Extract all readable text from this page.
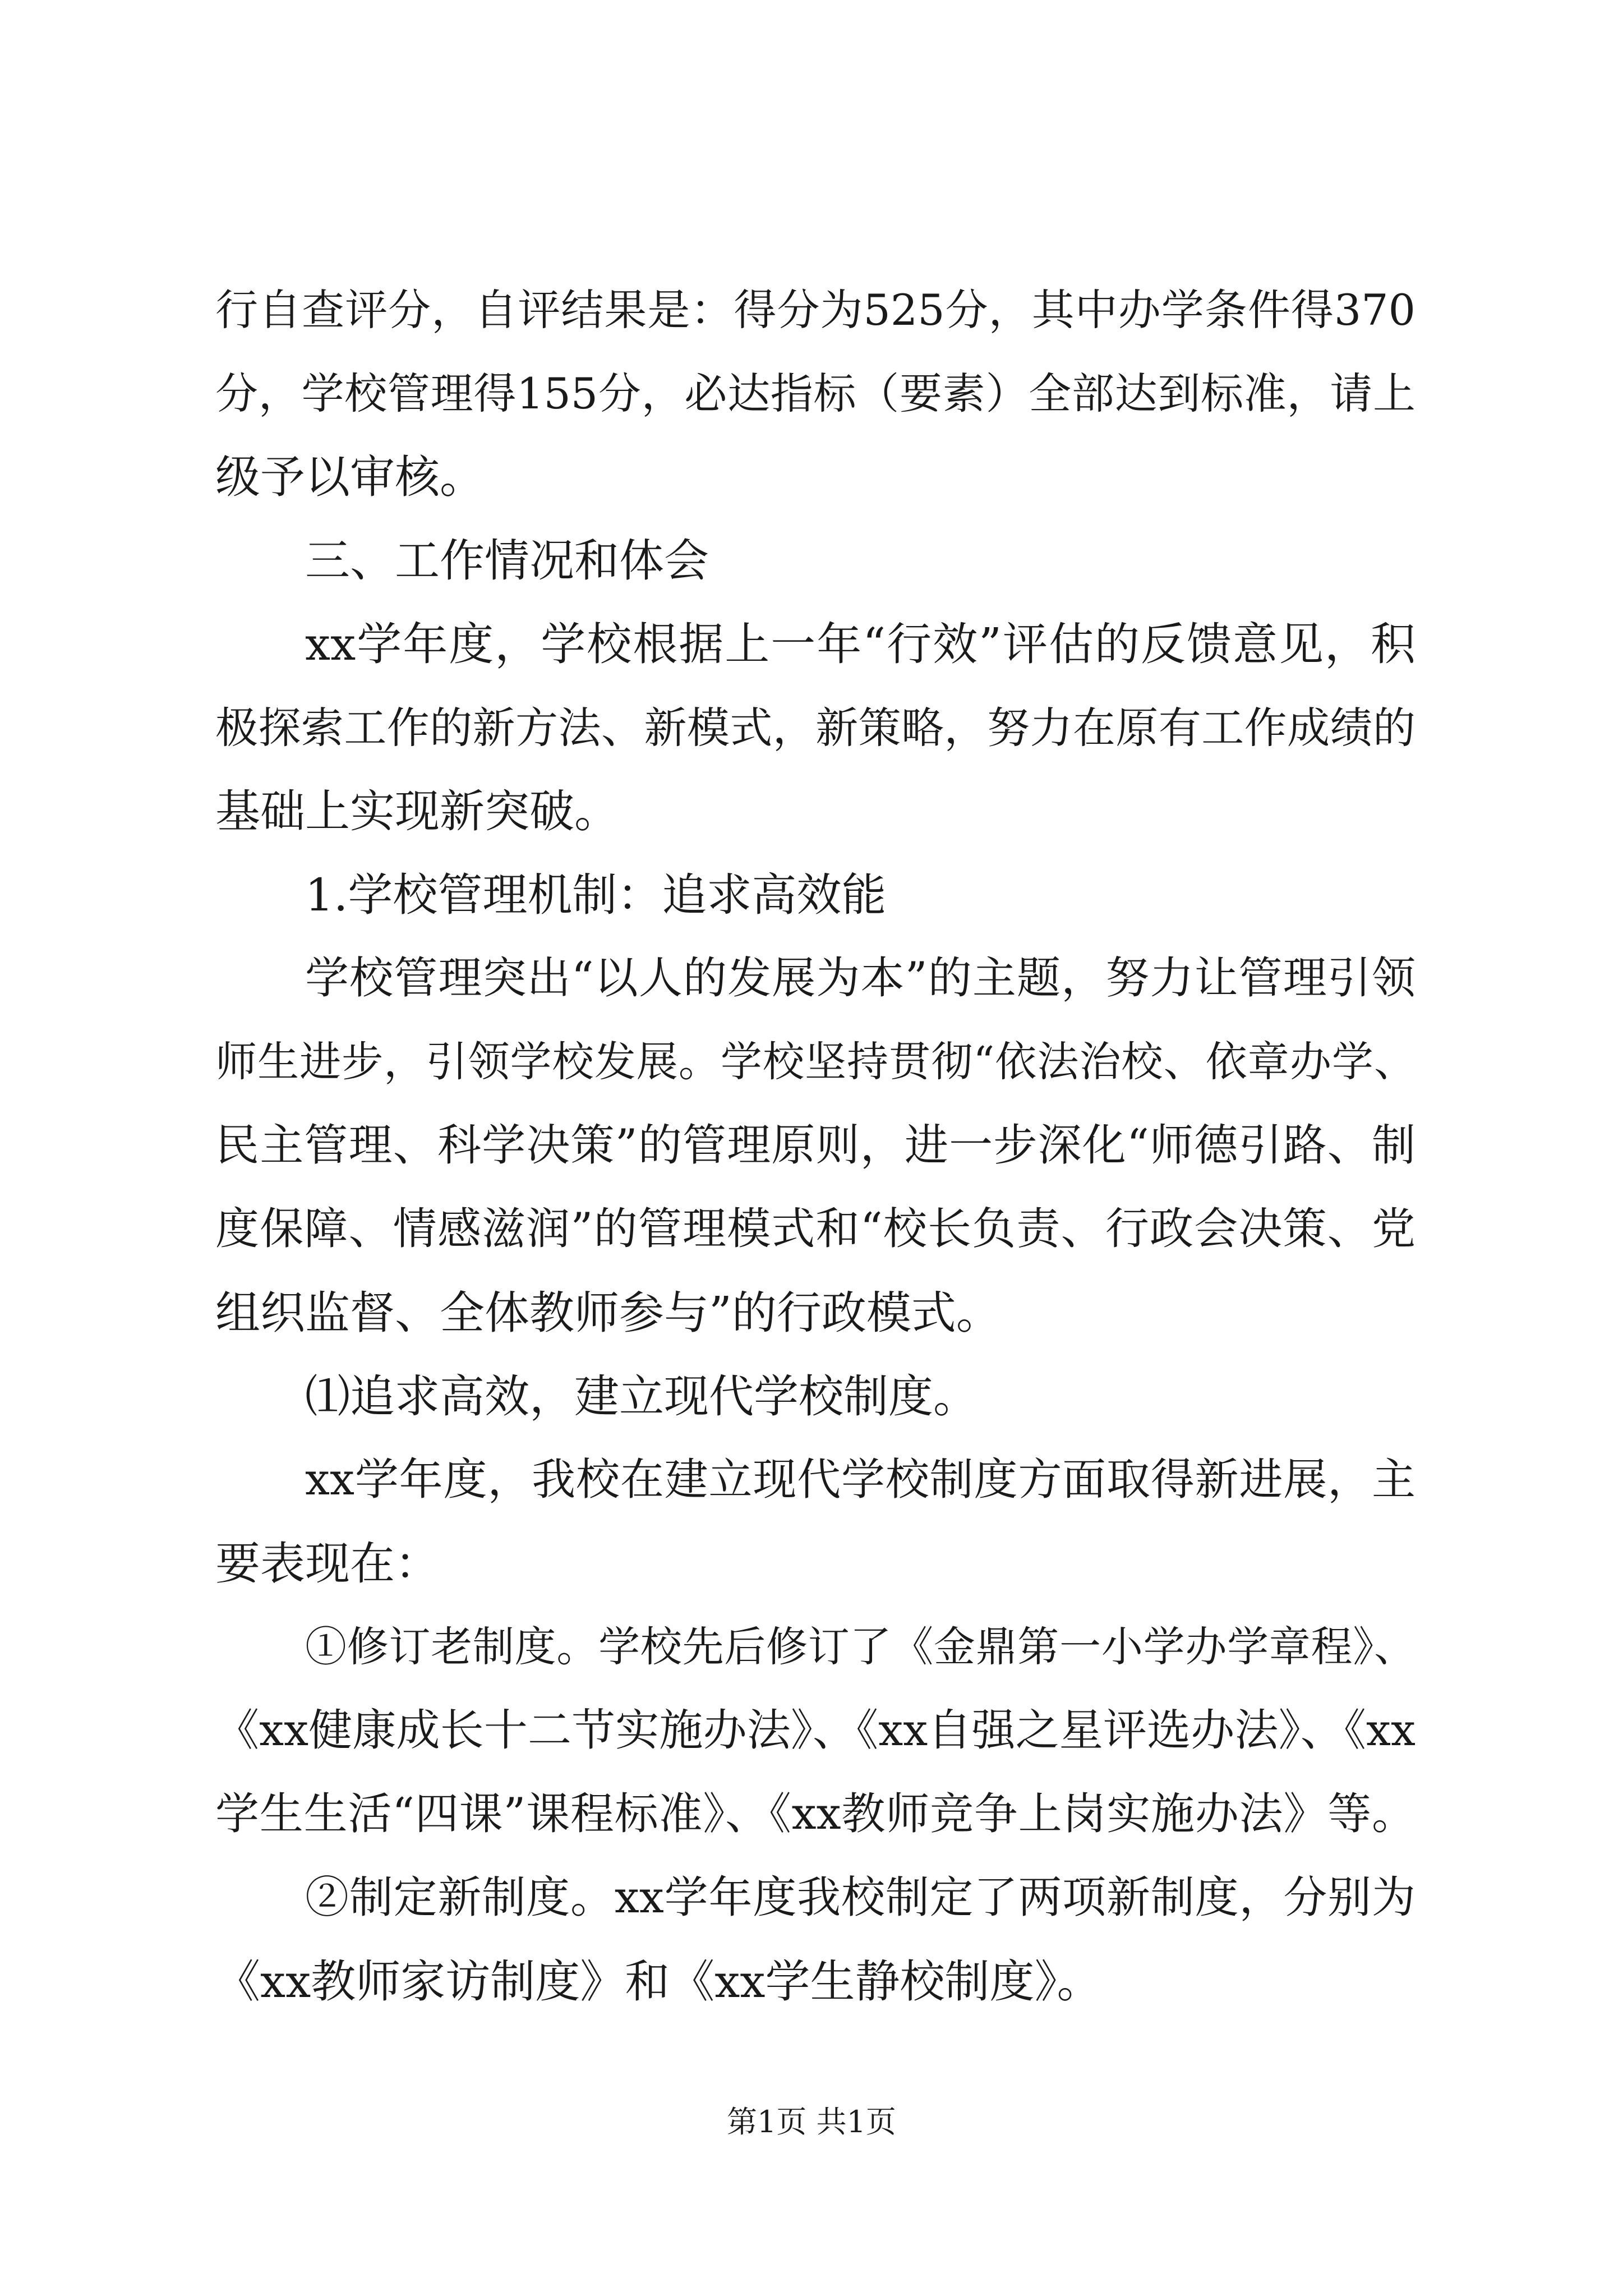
行自查评分，自评结果是：得分为525分，其中办学条件得370
分，学校管理得155分，必达指标（要素）全部达到标准，请上
级予以审核。
三、工作情况和体会
xx学年度，学校根据上一年“行效”评估的反馈意见，积
极探索工作的新方法、新模式，新策略，努力在原有工作成绩的
基础上实现新突破。
1.学校管理机制：追求高效能
学校管理突出“以人的发展为本”的主题，努力让管理引领
师生进步，引领学校发展。学校坚持贯彻“依法治校、依章办学、
民主管理、科学决策”的管理原则，进一步深化“师德引路、制
度保障、情感滋润”的管理模式和“校长负责、行政会决策、党
组织监督、全体教师参与”的行政模式。
⑴追求高效，建立现代学校制度。
xx学年度，我校在建立现代学校制度方面取得新进展，主
要表现在：
①修订老制度。学校先后修订了《金鼎第一小学办学章程》、
《xx健康成长十二节实施办法》、《xx自强之星评选办法》、《xx
学生生活“四课”课程标准》、《xx教师竞争上岗实施办法》等。
②制定新制度。xx学年度我校制定了两项新制度，分别为
《xx教师家访制度》和《xx学生静校制度》。
第1页 共1页
